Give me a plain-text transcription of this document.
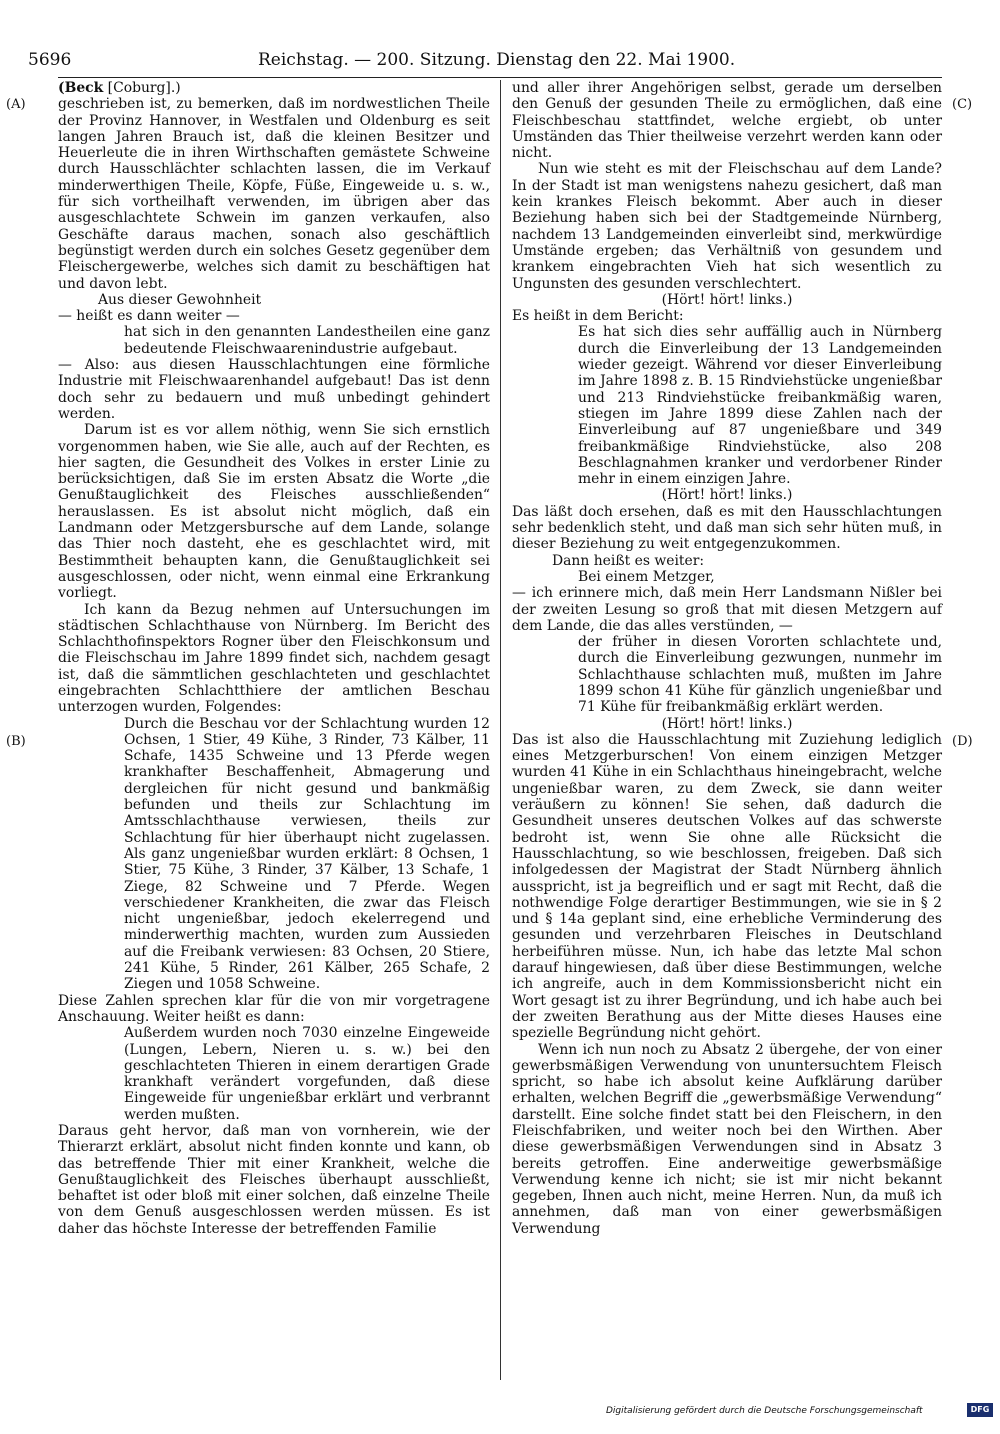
5696	Reichstag. — 200. Sitzung. Dienstag den 22. Mai 1900.
(A)
(B)
(C)
(D)

(Beck [Coburg].)

geschrieben ist, zu bemerken, daß im nordwestlichen Theile der Provinz Hannover, in Westfalen und Oldenburg es seit langen Jahren Brauch ist, daß die kleinen Besitzer und Heuerleute die in ihren Wirthschaften gemästete Schweine durch Hausschlächter schlachten lassen, die im Verkauf minderwerthigen Theile, Köpfe, Füße, Eingeweide u. s. w., für sich vortheilhaft verwenden, im übrigen aber das ausgeschlachtete Schwein im ganzen verkaufen, also Geschäfte daraus machen, sonach also geschäftlich begünstigt werden durch ein solches Gesetz gegenüber dem Fleischergewerbe, welches sich damit zu beschäftigen hat und davon lebt.

Aus dieser Gewohnheit

— heißt es dann weiter —

hat sich in den genannten Landestheilen eine ganz bedeutende Fleischwaarenindustrie aufgebaut.

— Also: aus diesen Hausschlachtungen eine förmliche Industrie mit Fleischwaarenhandel aufgebaut! Das ist denn doch sehr zu bedauern und muß unbedingt gehindert werden.

Darum ist es vor allem nöthig, wenn Sie sich ernstlich vorgenommen haben, wie Sie alle, auch auf der Rechten, es hier sagten, die Gesundheit des Volkes in erster Linie zu berücksichtigen, daß Sie im ersten Absatz die Worte „die Genußtauglichkeit des Fleisches ausschließenden“ herauslassen. Es ist absolut nicht möglich, daß ein Landmann oder Metzgersbursche auf dem Lande, solange das Thier noch dasteht, ehe es geschlachtet wird, mit Bestimmtheit behaupten kann, die Genußtauglichkeit sei ausgeschlossen, oder nicht, wenn einmal eine Erkrankung vorliegt.

Ich kann da Bezug nehmen auf Untersuchungen im städtischen Schlachthause von Nürnberg. Im Bericht des Schlachthofinspektors Rogner über den Fleischkonsum und die Fleischschau im Jahre 1899 findet sich, nachdem gesagt ist, daß die sämmtlichen geschlachteten und geschlachtet eingebrachten Schlachtthiere der amtlichen Beschau unterzogen wurden, Folgendes:

Durch die Beschau vor der Schlachtung wurden 12 Ochsen, 1 Stier, 49 Kühe, 3 Rinder, 73 Kälber, 11 Schafe, 1435 Schweine und 13 Pferde wegen krankhafter Beschaffenheit, Abmagerung und dergleichen für nicht gesund und bankmäßig befunden und theils zur Schlachtung im Amtsschlachthause verwiesen, theils zur Schlachtung für hier überhaupt nicht zugelassen. Als ganz ungenießbar wurden erklärt: 8 Ochsen, 1 Stier, 75 Kühe, 3 Rinder, 37 Kälber, 13 Schafe, 1 Ziege, 82 Schweine und 7 Pferde. Wegen verschiedener Krankheiten, die zwar das Fleisch nicht ungenießbar, jedoch ekelerregend und minderwerthig machten, wurden zum Aussieden auf die Freibank verwiesen: 83 Ochsen, 20 Stiere, 241 Kühe, 5 Rinder, 261 Kälber, 265 Schafe, 2 Ziegen und 1058 Schweine.

Diese Zahlen sprechen klar für die von mir vorgetragene Anschauung. Weiter heißt es dann:

Außerdem wurden noch 7030 einzelne Eingeweide (Lungen, Lebern, Nieren u. s. w.) bei den geschlachteten Thieren in einem derartigen Grade krankhaft verändert vorgefunden, daß diese Eingeweide für ungenießbar erklärt und verbrannt werden mußten.

Daraus geht hervor, daß man von vornherein, wie der Thierarzt erklärt, absolut nicht finden konnte und kann, ob das betreffende Thier mit einer Krankheit, welche die Genußtauglichkeit des Fleisches überhaupt ausschließt, behaftet ist oder bloß mit einer solchen, daß einzelne Theile von dem Genuß ausgeschlossen werden müssen. Es ist daher das höchste Interesse der betreffenden Familie

und aller ihrer Angehörigen selbst, gerade um derselben den Genuß der gesunden Theile zu ermöglichen, daß eine Fleischbeschau stattfindet, welche ergiebt, ob unter Umständen das Thier theilweise verzehrt werden kann oder nicht.

Nun wie steht es mit der Fleischschau auf dem Lande? In der Stadt ist man wenigstens nahezu gesichert, daß man kein krankes Fleisch bekommt. Aber auch in dieser Beziehung haben sich bei der Stadtgemeinde Nürnberg, nachdem 13 Landgemeinden einverleibt sind, merkwürdige Umstände ergeben; das Verhältniß von gesundem und krankem eingebrachten Vieh hat sich wesentlich zu Ungunsten des gesunden verschlechtert.

(Hört! hört! links.)

Es heißt in dem Bericht:

Es hat sich dies sehr auffällig auch in Nürnberg durch die Einverleibung der 13 Landgemeinden wieder gezeigt. Während vor dieser Einverleibung im Jahre 1898 z. B. 15 Rindviehstücke ungenießbar und 213 Rindviehstücke freibankmäßig waren, stiegen im Jahre 1899 diese Zahlen nach der Einverleibung auf 87 ungenießbare und 349 freibankmäßige Rindviehstücke, also 208 Beschlagnahmen kranker und verdorbener Rinder mehr in einem einzigen Jahre.

(Hört! hört! links.)

Das läßt doch ersehen, daß es mit den Hausschlachtungen sehr bedenklich steht, und daß man sich sehr hüten muß, in dieser Beziehung zu weit entgegenzukommen.

Dann heißt es weiter:

Bei einem Metzger,

— ich erinnere mich, daß mein Herr Landsmann Nißler bei der zweiten Lesung so groß that mit diesen Metzgern auf dem Lande, die das alles verstünden, —

der früher in diesen Vororten schlachtete und, durch die Einverleibung gezwungen, nunmehr im Schlachthause schlachten muß, mußten im Jahre 1899 schon 41 Kühe für gänzlich ungenießbar und 71 Kühe für freibankmäßig erklärt werden.

(Hört! hört! links.)

Das ist also die Hausschlachtung mit Zuziehung lediglich eines Metzgerburschen! Von einem einzigen Metzger wurden 41 Kühe in ein Schlachthaus hineingebracht, welche ungenießbar waren, zu dem Zweck, sie dann weiter veräußern zu können! Sie sehen, daß dadurch die Gesundheit unseres deutschen Volkes auf das schwerste bedroht ist, wenn Sie ohne alle Rücksicht die Hausschlachtung, so wie beschlossen, freigeben. Daß sich infolgedessen der Magistrat der Stadt Nürnberg ähnlich ausspricht, ist ja begreiflich und er sagt mit Recht, daß die nothwendige Folge derartiger Bestimmungen, wie sie in § 2 und § 14a geplant sind, eine erhebliche Verminderung des gesunden und verzehrbaren Fleisches in Deutschland herbeiführen müsse. Nun, ich habe das letzte Mal schon darauf hingewiesen, daß über diese Bestimmungen, welche ich angreife, auch in dem Kommissionsbericht nicht ein Wort gesagt ist zu ihrer Begründung, und ich habe auch bei der zweiten Berathung aus der Mitte dieses Hauses eine spezielle Begründung nicht gehört.

Wenn ich nun noch zu Absatz 2 übergehe, der von einer gewerbsmäßigen Verwendung von ununtersuchtem Fleisch spricht, so habe ich absolut keine Aufklärung darüber erhalten, welchen Begriff die „gewerbsmäßige Verwendung“ darstellt. Eine solche findet statt bei den Fleischern, in den Fleischfabriken, und weiter noch bei den Wirthen. Aber diese gewerbsmäßigen Verwendungen sind in Absatz 3 bereits getroffen. Eine anderweitige gewerbsmäßige Verwendung kenne ich nicht; sie ist mir nicht bekannt gegeben, Ihnen auch nicht, meine Herren. Nun, da muß ich annehmen, daß man von einer gewerbsmäßigen Verwendung

Digitalisierung gefördert durch die Deutsche Forschungsgemeinschaft	DFG
